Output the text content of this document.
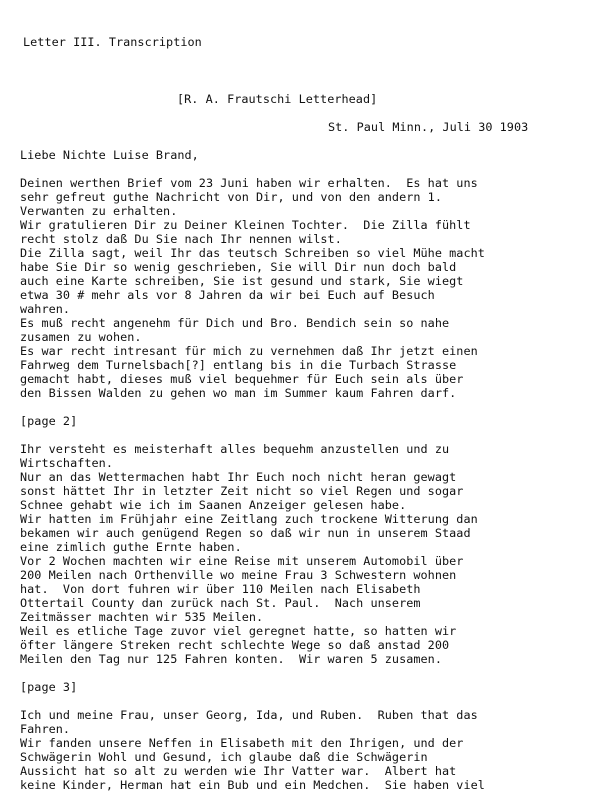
Letter III. Transcription
[R. A. Frautschi Letterhead]
St. Paul Minn., Juli 30 1903
Liebe Nichte Luise Brand,
Deinen werthen Brief vom 23 Juni haben wir erhalten.  Es hat uns
sehr gefreut guthe Nachricht von Dir, und von den andern 1.
Verwanten zu erhalten.
Wir gratulieren Dir zu Deiner Kleinen Tochter.  Die Zilla fühlt
recht stolz daß Du Sie nach Ihr nennen wilst.
Die Zilla sagt, weil Ihr das teutsch Schreiben so viel Mühe macht
habe Sie Dir so wenig geschrieben, Sie will Dir nun doch bald
auch eine Karte schreiben, Sie ist gesund und stark, Sie wiegt
etwa 30 # mehr als vor 8 Jahren da wir bei Euch auf Besuch
wahren.
Es muß recht angenehm für Dich und Bro. Bendich sein so nahe
zusamen zu wohen.
Es war recht intresant für mich zu vernehmen daß Ihr jetzt einen
Fahrweg dem Turnelsbach[?] entlang bis in die Turbach Strasse
gemacht habt, dieses muß viel bequehmer für Euch sein als über
den Bissen Walden zu gehen wo man im Summer kaum Fahren darf.
[page 2]
Ihr versteht es meisterhaft alles bequehm anzustellen und zu
Wirtschaften.
Nur an das Wettermachen habt Ihr Euch noch nicht heran gewagt
sonst hättet Ihr in letzter Zeit nicht so viel Regen und sogar
Schnee gehabt wie ich im Saanen Anzeiger gelesen habe.
Wir hatten im Frühjahr eine Zeitlang zuch trockene Witterung dan
bekamen wir auch genügend Regen so daß wir nun in unserem Staad
eine zimlich guthe Ernte haben.
Vor 2 Wochen machten wir eine Reise mit unserem Automobil über
200 Meilen nach Orthenville wo meine Frau 3 Schwestern wohnen
hat.  Von dort fuhren wir über 110 Meilen nach Elisabeth
Ottertail County dan zurück nach St. Paul.  Nach unserem
Zeitmässer machten wir 535 Meilen.
Weil es etliche Tage zuvor viel geregnet hatte, so hatten wir
öfter längere Streken recht schlechte Wege so daß anstad 200
Meilen den Tag nur 125 Fahren konten.  Wir waren 5 zusamen.
[page 3]
Ich und meine Frau, unser Georg, Ida, und Ruben.  Ruben that das
Fahren.
Wir fanden unsere Neffen in Elisabeth mit den Ihrigen, und der
Schwägerin Wohl und Gesund, ich glaube daß die Schwägerin
Aussicht hat so alt zu werden wie Ihr Vatter war.  Albert hat
keine Kinder, Herman hat ein Bub und ein Medchen.  Sie haben viel
